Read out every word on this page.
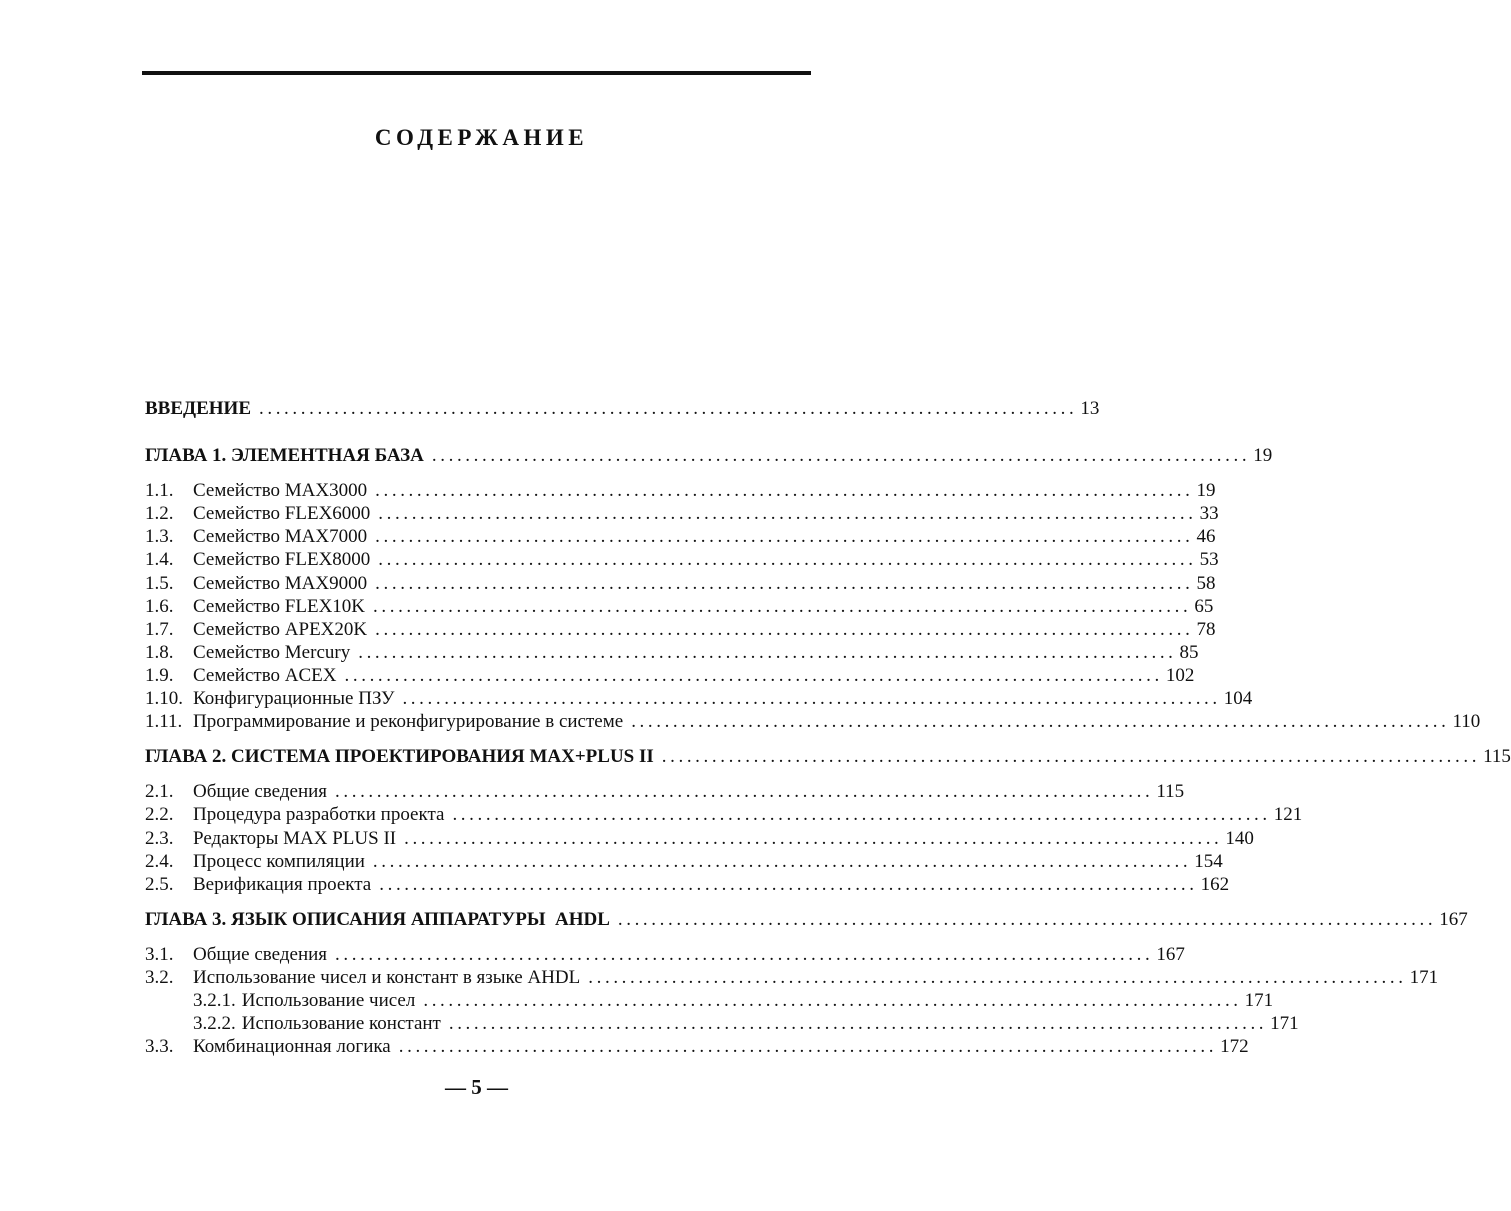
СОДЕРЖАНИЕ
ВВЕДЕНИЕ .................................................................................................. 13
ГЛАВА 1. ЭЛЕМЕНТНАЯ БАЗА .................................................................................................. 19
1.1.	Семейство MAX3000 .................................................................................................. 19
1.2.	Семейство FLEX6000 .................................................................................................. 33
1.3.	Семейство MAX7000 .................................................................................................. 46
1.4.	Семейство FLEX8000 .................................................................................................. 53
1.5.	Семейство MAX9000 .................................................................................................. 58
1.6.	Семейство FLEX10K .................................................................................................. 65
1.7.	Семейство APEX20K .................................................................................................. 78
1.8.	Семейство Mercury .................................................................................................. 85
1.9.	Семейство ACEX .................................................................................................. 102
1.10. Конфигурационные ПЗУ .................................................................................................. 104
1.11. Программирование и реконфигурирование в системе .................................................................................................. 110
ГЛАВА 2. СИСТЕМА ПРОЕКТИРОВАНИЯ MAX+PLUS II .................................................................................................. 115
2.1.	Общие сведения .................................................................................................. 115
2.2.	Процедура разработки проекта .................................................................................................. 121
2.3.	Редакторы MAX PLUS II .................................................................................................. 140
2.4.	Процесс компиляции .................................................................................................. 154
2.5.	Верификация проекта .................................................................................................. 162
ГЛАВА 3. ЯЗЫК ОПИСАНИЯ АППАРАТУРЫ  AHDL .................................................................................................. 167
3.1.	Общие сведения .................................................................................................. 167
3.2.	Использование чисел и констант в языке AHDL .................................................................................................. 171
3.2.1. Использование чисел .................................................................................................. 171
3.2.2. Использование констант .................................................................................................. 171
3.3.	Комбинационная логика .................................................................................................. 172
— 5 —
